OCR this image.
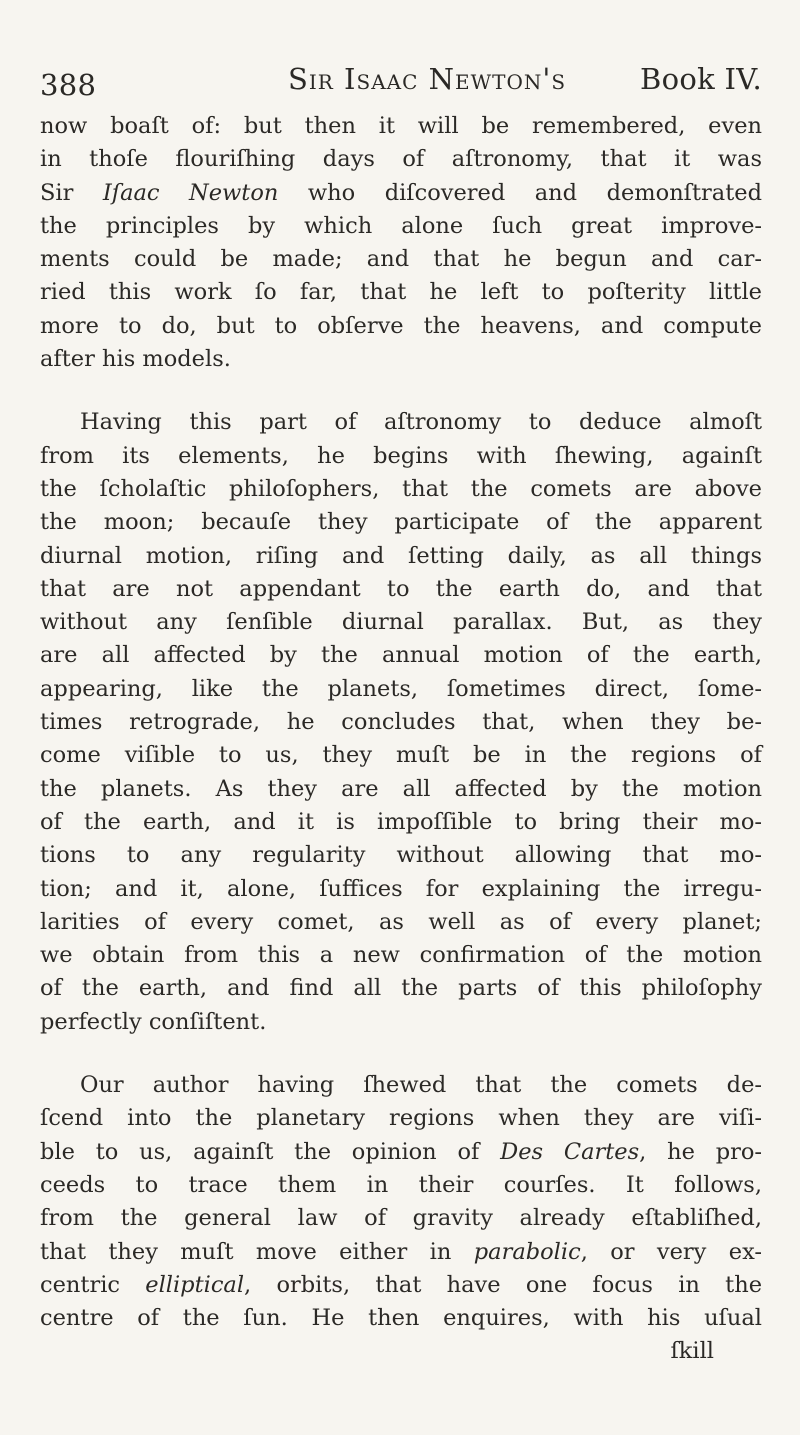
388	Sir Isaac Newton's	Book IV.
now boaſt of: but then it will be remembered, even
in thoſe flouriſhing days of aſtronomy, that it was
Sir Iſaac Newton who diſcovered and demonſtrated
the principles by which alone ſuch great improve-
ments could be made; and that he begun and car-
ried this work ſo far, that he left to poſterity little
more to do, but to obſerve the heavens, and compute
after his models.
Having this part of aſtronomy to deduce almoſt
from its elements, he begins with ſhewing, againſt
the ſcholaſtic philoſophers, that the comets are above
the moon; becauſe they participate of the apparent
diurnal motion, riſing and ſetting daily, as all things
that are not appendant to the earth do, and that
without any ſenſible diurnal parallax. But, as they
are all affected by the annual motion of the earth,
appearing, like the planets, ſometimes direct, ſome-
times retrograde, he concludes that, when they be-
come viſible to us, they muſt be in the regions of
the planets. As they are all affected by the motion
of the earth, and it is impoſſible to bring their mo-
tions to any regularity without allowing that mo-
tion; and it, alone, ſuffices for explaining the irregu-
larities of every comet, as well as of every planet;
we obtain from this a new confirmation of the motion
of the earth, and find all the parts of this philoſophy
perfectly conſiſtent.
Our author having ſhewed that the comets de-
ſcend into the planetary regions when they are viſi-
ble to us, againſt the opinion of Des Cartes, he pro-
ceeds to trace them in their courſes. It follows,
from the general law of gravity already eſtabliſhed,
that they muſt move either in parabolic, or very ex-
centric elliptical, orbits, that have one focus in the
centre of the ſun. He then enquires, with his uſual
ſkill
